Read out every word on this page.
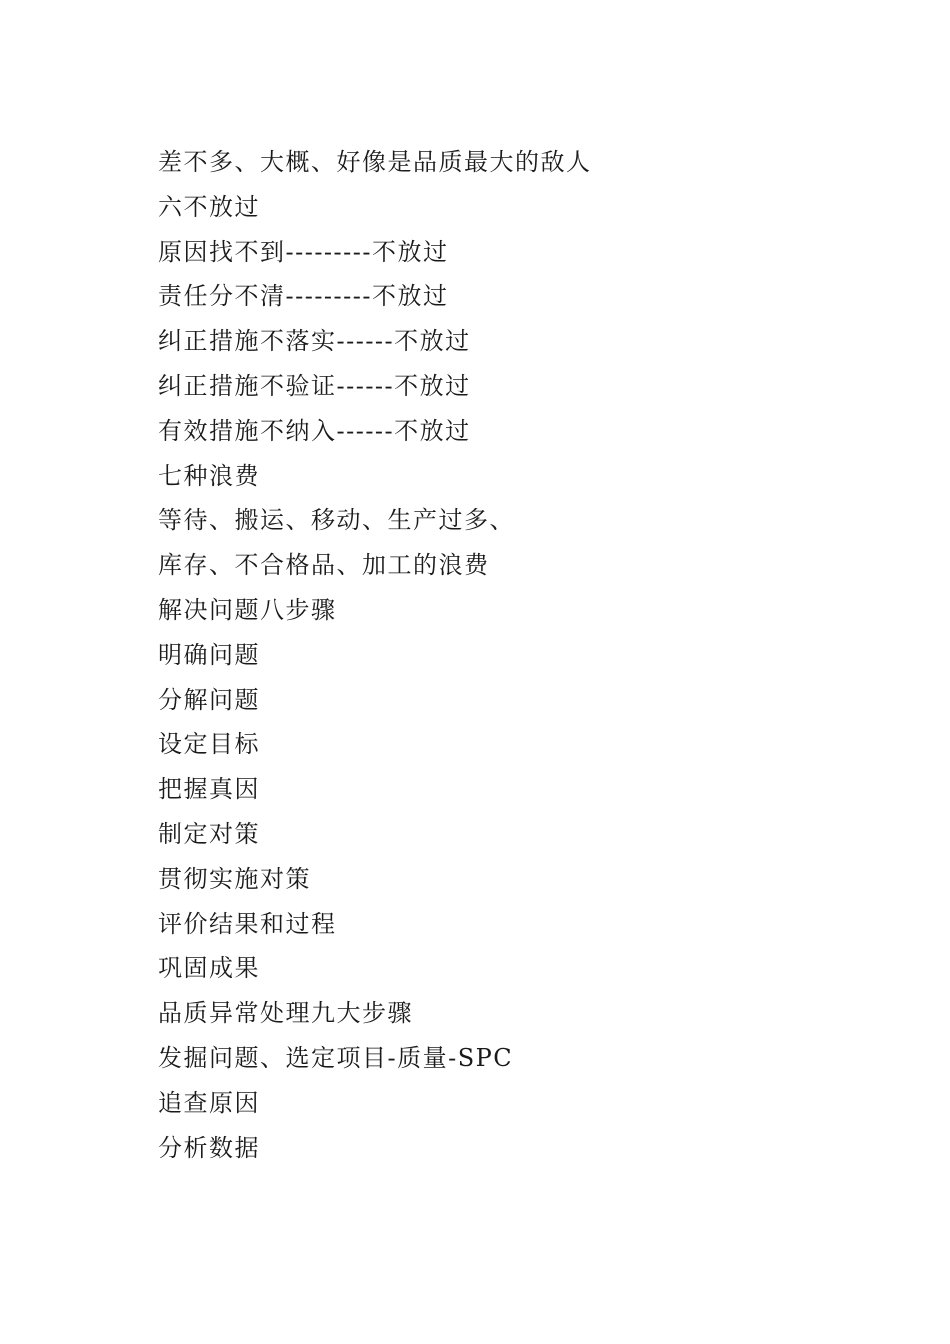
差不多、大概、好像是品质最大的敌人
六不放过
原因找不到---------不放过
责任分不清---------不放过
纠正措施不落实------不放过
纠正措施不验证------不放过
有效措施不纳入------不放过
七种浪费
等待、搬运、移动、生产过多、
库存、不合格品、加工的浪费
解决问题八步骤
明确问题
分解问题
设定目标
把握真因
制定对策
贯彻实施对策
评价结果和过程
巩固成果
品质异常处理九大步骤
发掘问题、选定项目-质量-SPC
追查原因
分析数据
